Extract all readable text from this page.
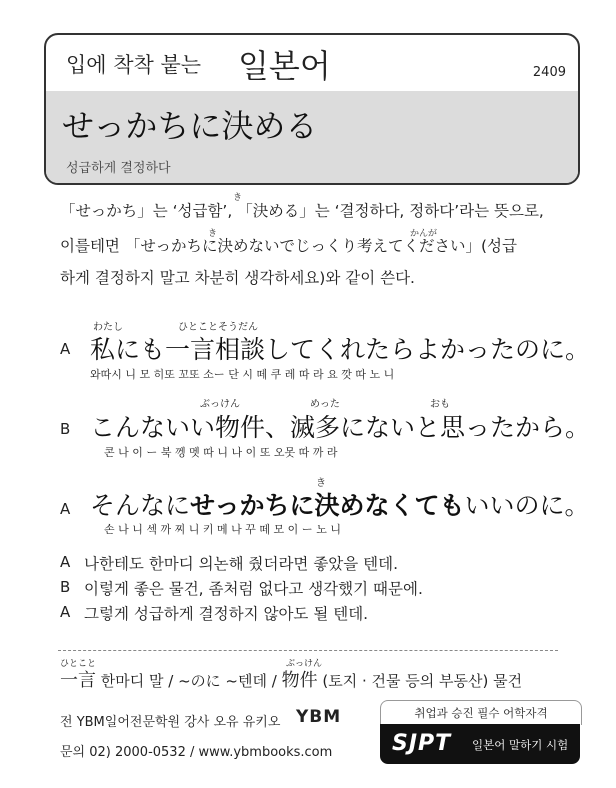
입에 착착 붙는 일본어	2409
せっかちに決める
성급하게 결정하다
き
「せっかち」는 ‘성급함’, 「決める」는 ‘결정하다, 정하다’라는 뜻으로,
き	かんが
이를테면 「せっかちに決めないでじっくり考えてください」(성급
하게 결정하지 말고 차분히 생각하세요)와 같이 쓴다.
A
わたし	ひとことそうだん
私にも一言相談してくれたらよかったのに。
와따시 니 모 히또 꼬또 소ー 단 시 떼 쿠 레 따 라 요 깟 따 노 니
B
ぶっけん	めった	おも
こんないい物件、滅多にないと思ったから。
콘 나 이 ー 북 껭 멧 따 니 나 이 또 오못 따 까 라
A
き
そんなにせっかちに決めなくてもいいのに。
손 나 니 섹 까 찌 니 키 메 나 꾸 떼 모 이 ー 노 니
A 나한테도 한마디 의논해 줬더라면 좋았을 텐데.
B 이렇게 좋은 물건, 좀처럼 없다고 생각했기 때문에.
A 그렇게 성급하게 결정하지 않아도 될 텐데.
ひとこと	ぶっけん
一言 한마디 말 / ~のに ~텐데 / 物件 (토지 · 건물 등의 부동산) 물건
전 YBM일어전문학원 강사 오유 유키오 YBM
문의 02) 2000-0532 / www.ybmbooks.com
취업과 승진 필수 어학자격
SJPT 일본어 말하기 시험
